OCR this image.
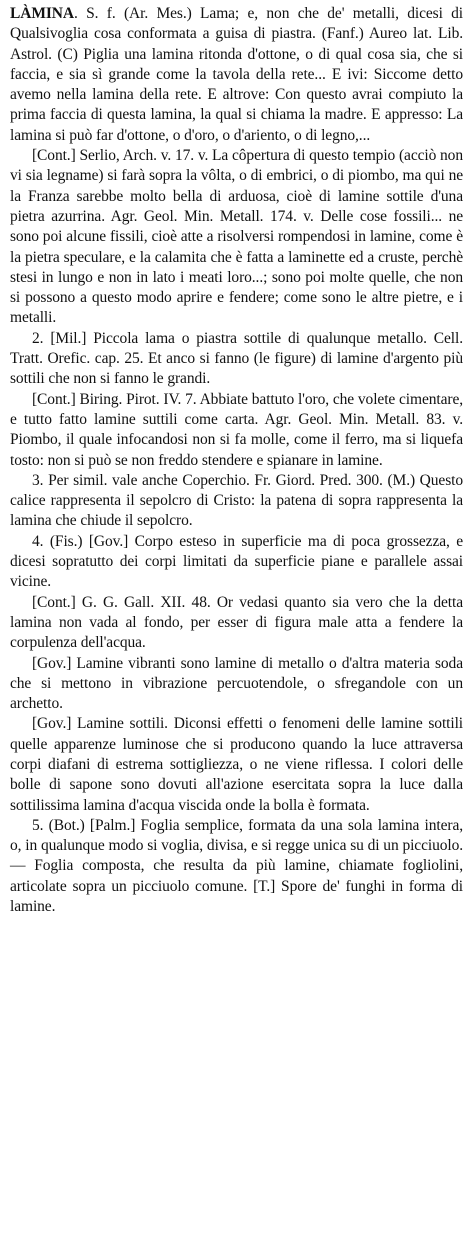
LÀMINA. S. f. (Ar. Mes.) Lama; e, non che de' metalli, dicesi di Qualsivoglia cosa conformata a guisa di piastra. (Fanf.) Aureo lat. Lib. Astrol. (C) Piglia una lamina ritonda d'ottone, o di qual cosa sia, che si faccia, e sia sì grande come la tavola della rete... E ivi: Siccome detto avemo nella lamina della rete. E altrove: Con questo avrai compiuto la prima faccia di questa lamina, la qual si chiama la madre. E appresso: La lamina si può far d'ottone, o d'oro, o d'ariento, o di legno,...

[Cont.] Serlio, Arch. v. 17. v. La côpertura di questo tempio (acciò non vi sia legname) si farà sopra la vôlta, o di embrici, o di piombo, ma qui ne la Franza sarebbe molto bella di arduosa, cioè di lamine sottile d'una pietra azurrina. Agr. Geol. Min. Metall. 174. v. Delle cose fossili... ne sono poi alcune fissili, cioè atte a risolversi rompendosi in lamine, come è la pietra speculare, e la calamita che è fatta a laminette ed a cruste, perchè stesi in lungo e non in lato i meati loro...; sono poi molte quelle, che non si possono a questo modo aprire e fendere; come sono le altre pietre, e i metalli.

2. [Mil.] Piccola lama o piastra sottile di qualunque metallo. Cell. Tratt. Orefic. cap. 25. Et anco si fanno (le figure) di lamine d'argento più sottili che non si fanno le grandi.

[Cont.] Biring. Pirot. IV. 7. Abbiate battuto l'oro, che volete cimentare, e tutto fatto lamine suttili come carta. Agr. Geol. Min. Metall. 83. v. Piombo, il quale infocandosi non si fa molle, come il ferro, ma si liquefa tosto: non si può se non freddo stendere e spianare in lamine.

3. Per simil. vale anche Coperchio. Fr. Giord. Pred. 300. (M.) Questo calice rappresenta il sepolcro di Cristo: la patena di sopra rappresenta la lamina che chiude il sepolcro.

4. (Fis.) [Gov.] Corpo esteso in superficie ma di poca grossezza, e dicesi sopratutto dei corpi limitati da superficie piane e parallele assai vicine.

[Cont.] G. G. Gall. XII. 48. Or vedasi quanto sia vero che la detta lamina non vada al fondo, per esser di figura male atta a fendere la corpulenza dell'acqua.

[Gov.] Lamine vibranti sono lamine di metallo o d'altra materia soda che si mettono in vibrazione percuotendole, o sfregandole con un archetto.

[Gov.] Lamine sottili. Diconsi effetti o fenomeni delle lamine sottili quelle apparenze luminose che si producono quando la luce attraversa corpi diafani di estrema sottigliezza, o ne viene riflessa. I colori delle bolle di sapone sono dovuti all'azione esercitata sopra la luce dalla sottilissima lamina d'acqua viscida onde la bolla è formata.

5. (Bot.) [Palm.] Foglia semplice, formata da una sola lamina intera, o, in qualunque modo si voglia, divisa, e si regge unica su di un picciuolo. — Foglia composta, che resulta da più lamine, chiamate fogliolini, articolate sopra un picciuolo comune. [T.] Spore de' funghi in forma di lamine.
